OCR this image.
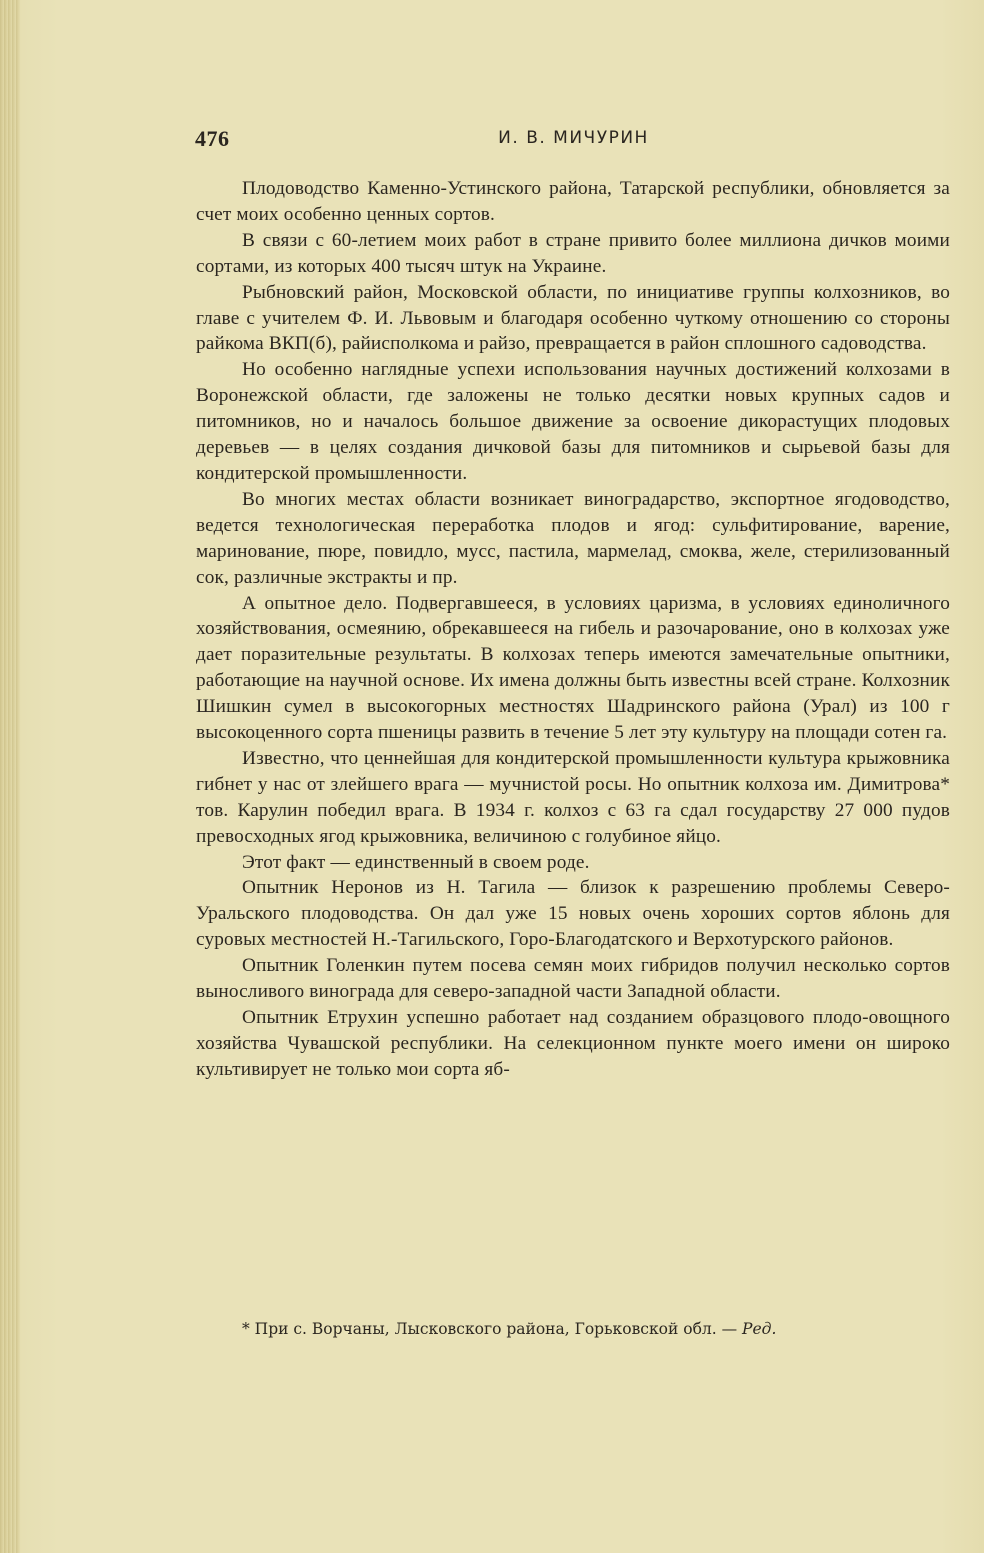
476	И. В. МИЧУРИН

Плодоводство Каменно-Устинского района, Татарской республики, обновляется за счет моих особенно ценных сортов.

В связи с 60-летием моих работ в стране привито более миллиона дичков моими сортами, из которых 400 тысяч штук на Украине.

Рыбновский район, Московской области, по инициативе группы колхозников, во главе с учителем Ф. И. Львовым и благодаря особенно чуткому отношению со стороны райкома ВКП(б), райисполкома и райзо, превращается в район сплошного садоводства.

Но особенно наглядные успехи использования научных достижений колхозами в Воронежской области, где заложены не только десятки новых крупных садов и питомников, но и началось большое движение за освоение дикорастущих плодовых деревьев — в целях создания дичковой базы для питомников и сырьевой базы для кондитерской промышленности.

Во многих местах области возникает виноградарство, экспортное ягодоводство, ведется технологическая переработка плодов и ягод: сульфитирование, варение, маринование, пюре, повидло, мусс, пастила, мармелад, смоква, желе, стерилизованный сок, различные экстракты и пр.

А опытное дело. Подвергавшееся, в условиях царизма, в условиях единоличного хозяйствования, осмеянию, обрекавшееся на гибель и разочарование, оно в колхозах уже дает поразительные результаты. В колхозах теперь имеются замечательные опытники, работающие на научной основе. Их имена должны быть известны всей стране. Колхозник Шишкин сумел в высокогорных местностях Шадринского района (Урал) из 100 г высокоценного сорта пшеницы развить в течение 5 лет эту культуру на площади сотен га.

Известно, что ценнейшая для кондитерской промышленности культура крыжовника гибнет у нас от злейшего врага — мучнистой росы. Но опытник колхоза им. Димитрова* тов. Карулин победил врага. В 1934 г. колхоз с 63 га сдал государству 27 000 пудов превосходных ягод крыжовника, величиною с голубиное яйцо.

Этот факт — единственный в своем роде.

Опытник Неронов из Н. Тагила — близок к разрешению проблемы Северо-Уральского плодоводства. Он дал уже 15 новых очень хороших сортов яблонь для суровых местностей Н.-Тагильского, Горо-Благодатского и Верхотурского районов.

Опытник Голенкин путем посева семян моих гибридов получил несколько сортов выносливого винограда для северо-западной части Западной области.

Опытник Етрухин успешно работает над созданием образцового плодо-овощного хозяйства Чувашской республики. На селекционном пункте моего имени он широко культивирует не только мои сорта яб-

* При с. Ворчаны, Лысковского района, Горьковской обл. — Ред.
